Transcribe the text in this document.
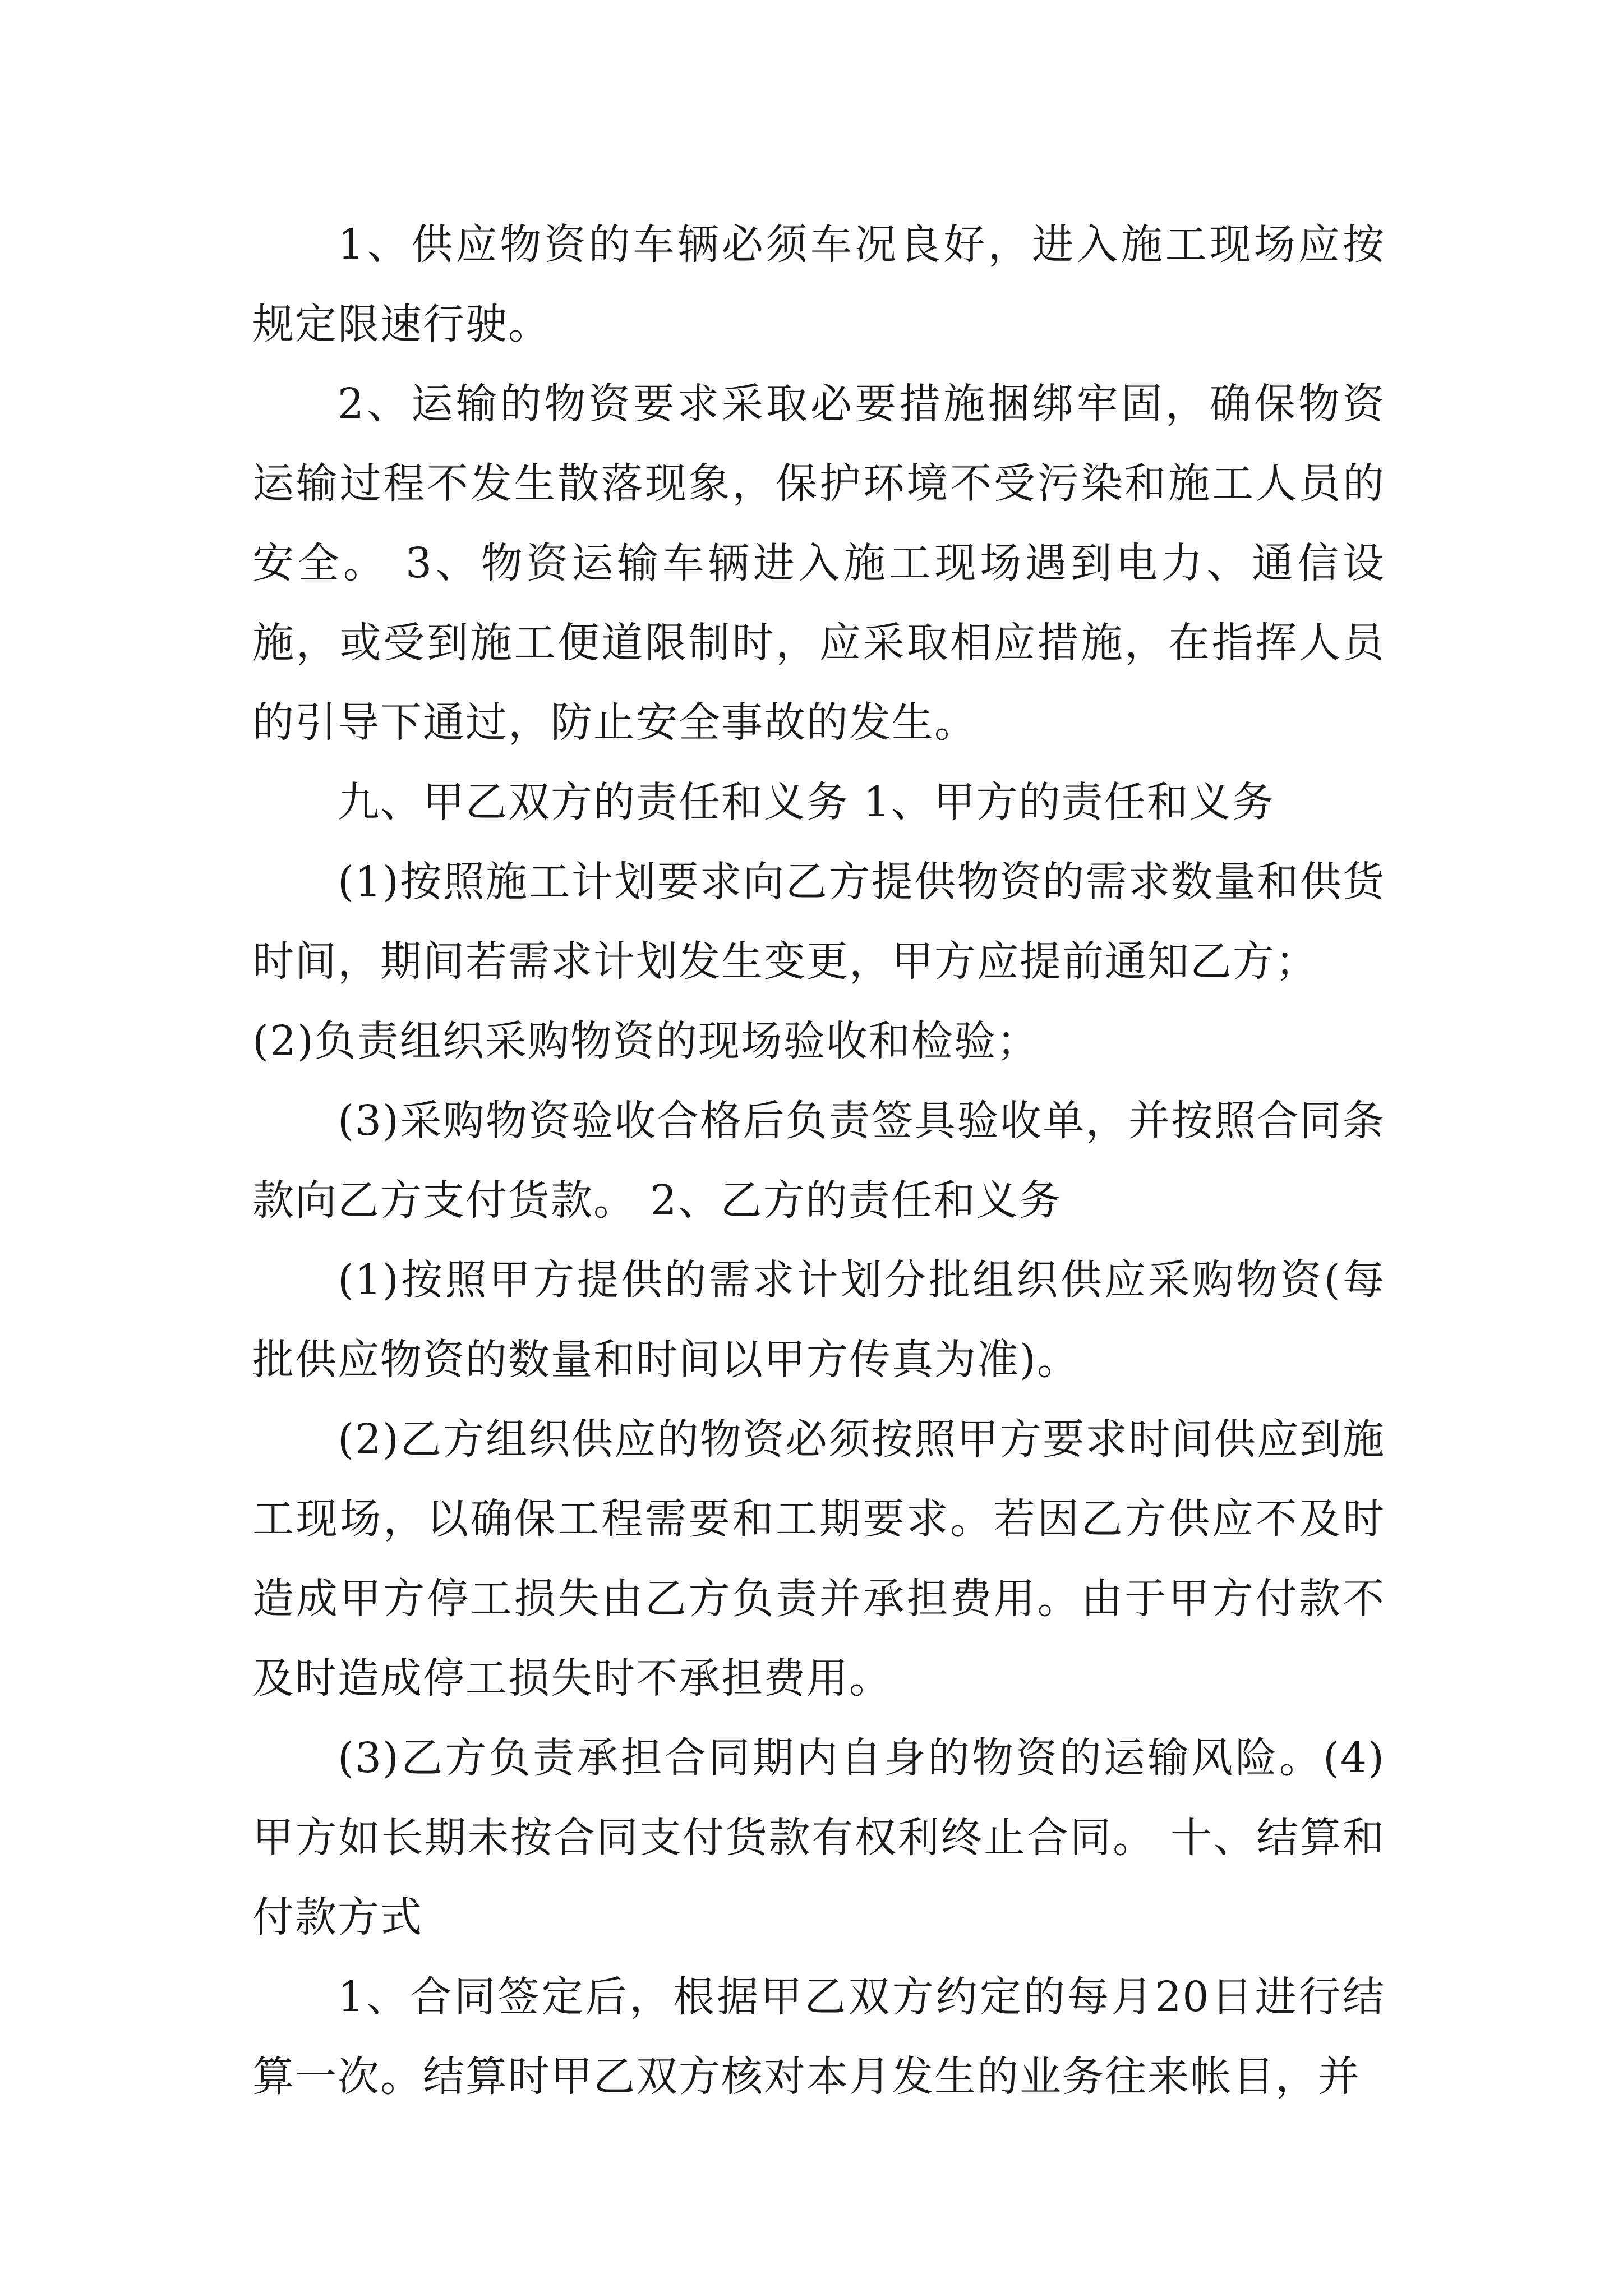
1、供应物资的车辆必须车况良好，进入施工现场应按规定限速行驶。

2、运输的物资要求采取必要措施捆绑牢固，确保物资运输过程不发生散落现象，保护环境不受污染和施工人员的安全。 3、物资运输车辆进入施工现场遇到电力、通信设施，或受到施工便道限制时，应采取相应措施，在指挥人员的引导下通过，防止安全事故的发生。

九、甲乙双方的责任和义务 1、甲方的责任和义务

(1)按照施工计划要求向乙方提供物资的需求数量和供货 时间，期间若需求计划发生变更，甲方应提前通知乙方；

(2)负责组织采购物资的现场验收和检验；

(3)采购物资验收合格后负责签具验收单，并按照合同条款向乙方支付货款。 2、乙方的责任和义务

(1)按照甲方提供的需求计划分批组织供应采购物资(每批供应物资的数量和时间以甲方传真为准)。

(2)乙方组织供应的物资必须按照甲方要求时间供应到施工现场，以确保工程需要和工期要求。若因乙方供应不及时造成甲方停工损失由乙方负责并承担费用。由于甲方付款不及时造成停工损失时不承担费用。

(3)乙方负责承担合同期内自身的物资的运输风险。(4)甲方如长期未按合同支付货款有权利终止合同。 十、结算和付款方式

1、合同签定后，根据甲乙双方约定的每月20日进行结算一次。结算时甲乙双方核对本月发生的业务往来帐目，并
